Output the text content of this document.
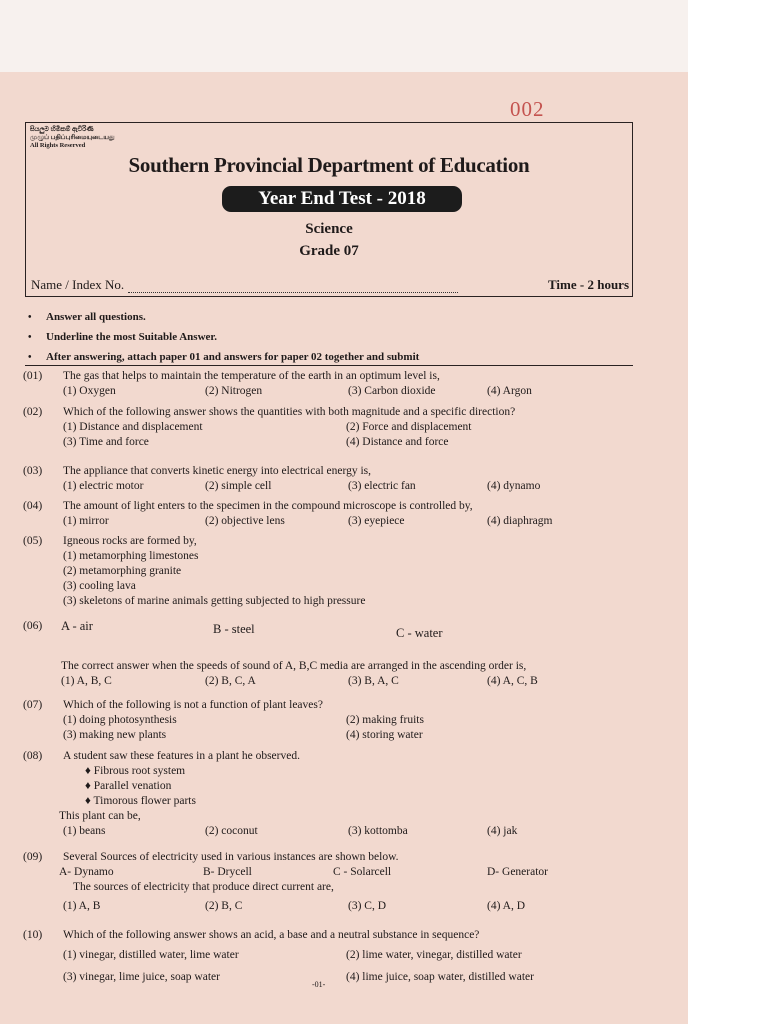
002
සියලුම හිමිකම් ඇවිරිණි
முழுப் பதிப்புரிமையுடையது
All Rights Reserved
Southern Provincial Department of Education
Year End Test - 2018
Science
Grade 07
Name / Index No.	Time - 2 hours
•	Answer all questions.
•	Underline the most Suitable Answer.
•	After answering, attach paper 01 and answers for paper 02 together and submit
(01) The gas that helps to maintain the temperature of the earth in an optimum level is,
(1) Oxygen	(2) Nitrogen	(3) Carbon dioxide	(4) Argon
(02) Which of the following answer shows the quantities with both magnitude and a specific direction?
(1) Distance and displacement	(2) Force and displacement
(3) Time and force	(4) Distance and force
(03) The appliance that converts kinetic energy into electrical energy is,
(1) electric motor	(2) simple cell	(3) electric fan	(4) dynamo
(04) The amount of light enters to the specimen in the compound microscope is controlled by,
(1) mirror	(2) objective lens	(3) eyepiece	(4) diaphragm
(05) Igneous rocks are formed by,
(1) metamorphing limestones
(2) metamorphing granite
(3) cooling lava
(3) skeletons of marine animals getting subjected to high pressure
(06) A - air	B - steel	C - water
The correct answer when the speeds of sound of A, B,C media are arranged in the ascending order is,
(1) A, B, C	(2) B, C, A	(3) B, A, C	(4) A, C, B
(07) Which of the following is not a function of plant leaves?
(1) doing photosynthesis	(2) making fruits
(3) making new plants	(4) storing water
(08) A student saw these features in a plant he observed.
♦ Fibrous root system
♦ Parallel venation
♦ Timorous flower parts
This plant can be,
(1) beans	(2) coconut	(3) kottomba	(4) jak
(09) Several Sources of electricity used in various instances are shown below.
A- Dynamo	B- Drycell	C - Solarcell	D- Generator
The sources of electricity that produce direct current are,
(1) A, B	(2) B, C	(3) C, D	(4) A, D
(10) Which of the following answer shows an acid, a base and a neutral substance in sequence?
(1) vinegar, distilled water, lime water	(2) lime water, vinegar, distilled water
(3) vinegar, lime juice, soap water	(4) lime juice, soap water, distilled water
-01-
